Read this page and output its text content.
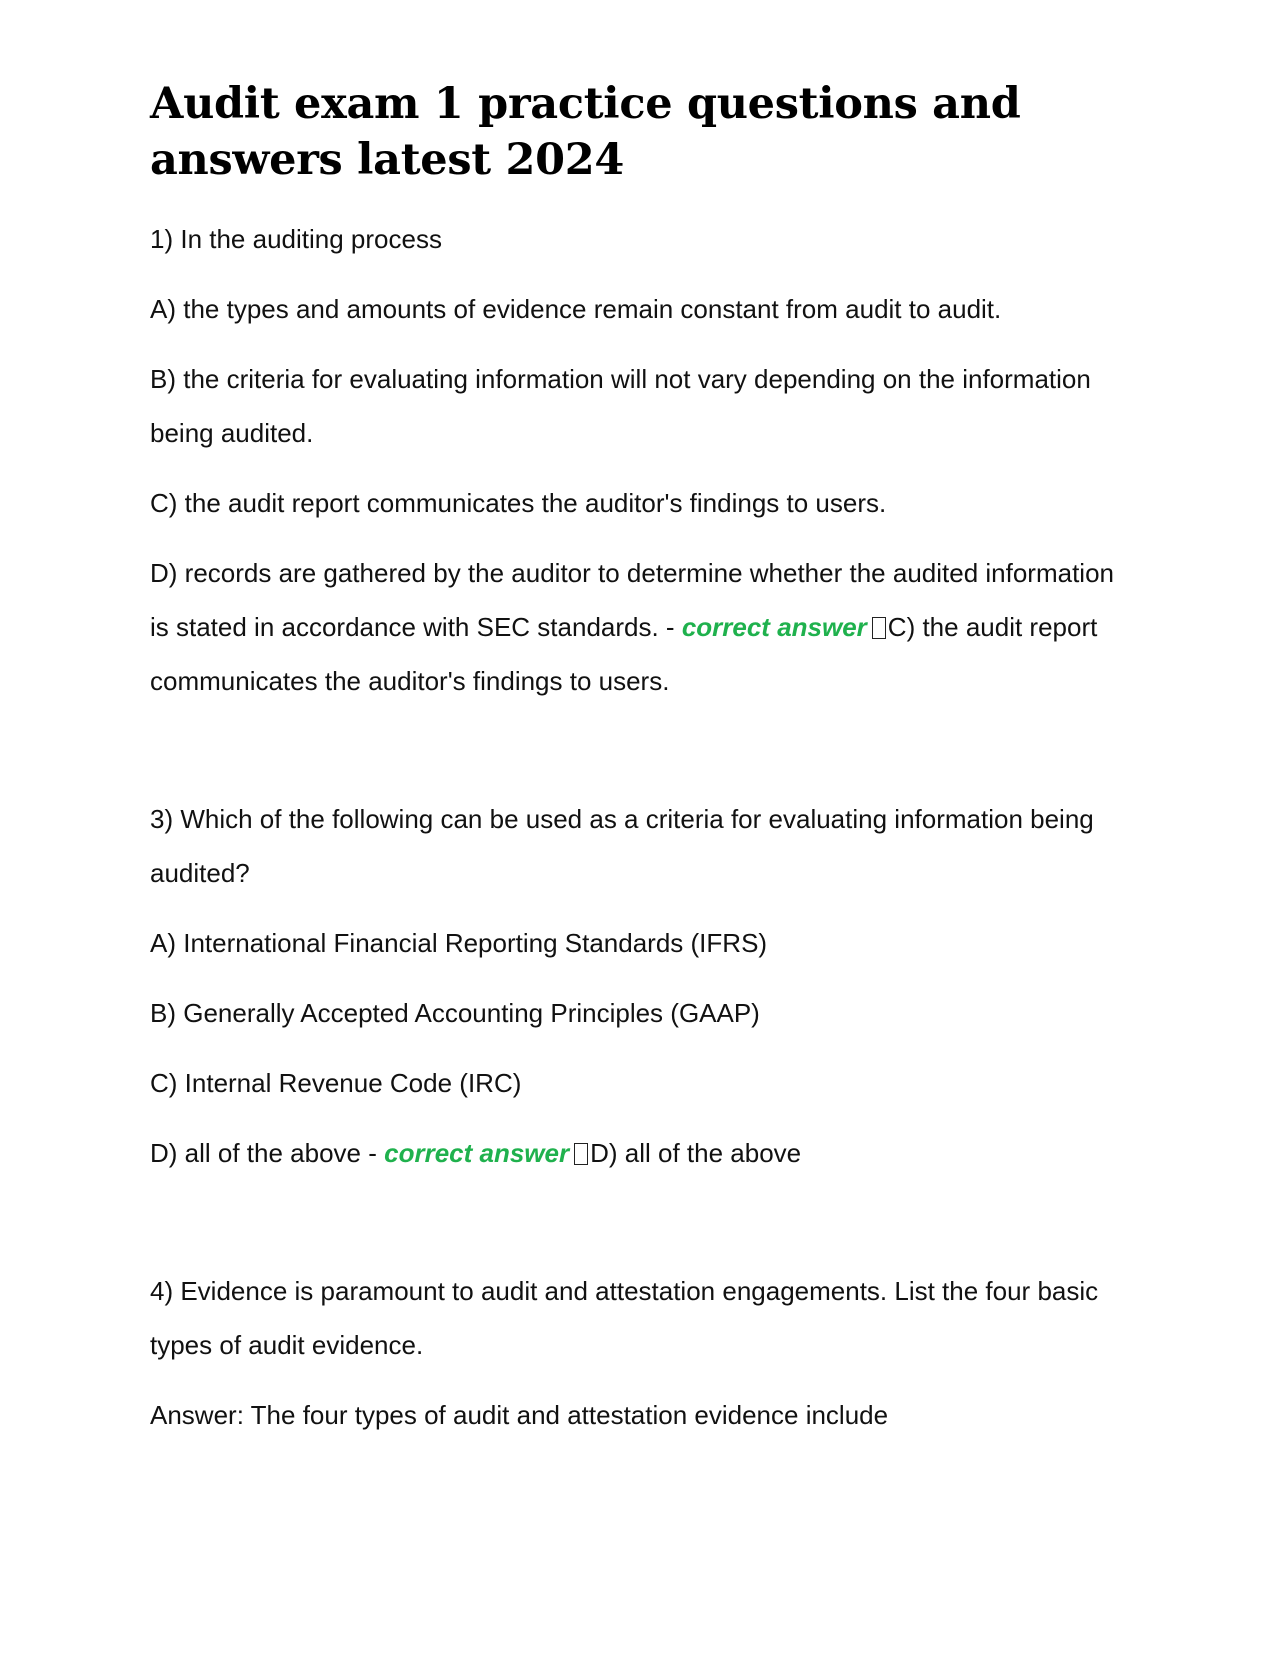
Audit exam 1 practice questions and answers latest 2024
1) In the auditing process
A) the types and amounts of evidence remain constant from audit to audit.
B) the criteria for evaluating information will not vary depending on the information being audited.
C) the audit report communicates the auditor's findings to users.
D) records are gathered by the auditor to determine whether the audited information is stated in accordance with SEC standards. - correct answer C) the audit report communicates the auditor's findings to users.
3) Which of the following can be used as a criteria for evaluating information being audited?
A) International Financial Reporting Standards (IFRS)
B) Generally Accepted Accounting Principles (GAAP)
C) Internal Revenue Code (IRC)
D) all of the above - correct answer D) all of the above
4) Evidence is paramount to audit and attestation engagements. List the four basic types of audit evidence.
Answer: The four types of audit and attestation evidence include
